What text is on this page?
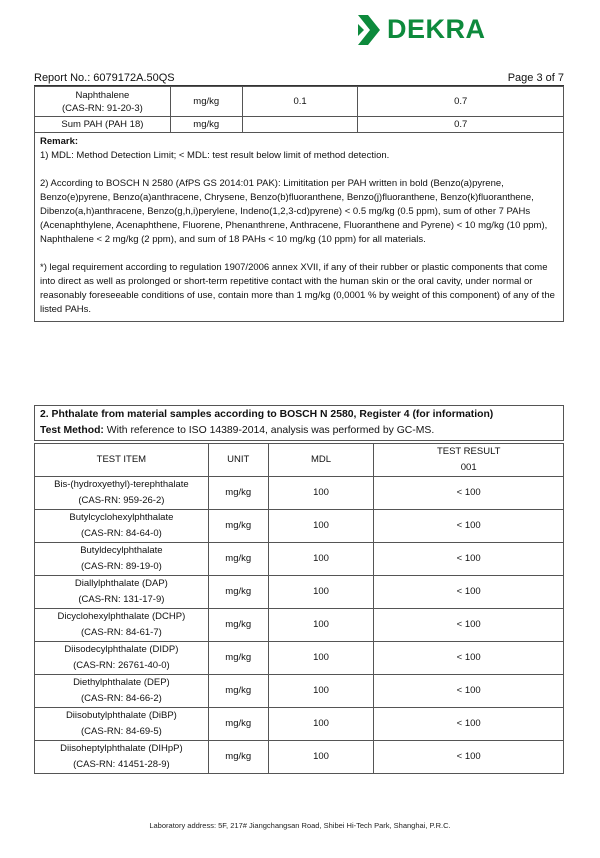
DEKRA
Report No.: 6079172A.50QS	Page 3 of 7
Naphthalene
(CAS-RN: 91-20-3)	mg/kg	0.1	0.7
Sum PAH (PAH 18)	mg/kg		0.7

Remark:

1) MDL: Method Detection Limit; < MDL: test result below limit of method detection.

2) According to BOSCH N 2580 (AfPS GS 2014:01 PAK): Limititation per PAH written in bold (Benzo(a)pyrene, Benzo(e)pyrene, Benzo(a)anthracene, Chrysene, Benzo(b)fluoranthene, Benzo(j)fluoranthene, Benzo(k)fluoranthene, Dibenzo(a,h)anthracene, Benzo(g,h,i)perylene, Indeno(1,2,3-cd)pyrene) < 0.5 mg/kg (0.5 ppm), sum of other 7 PAHs (Acenaphthylene, Acenaphthene, Fluorene, Phenanthrene, Anthracene, Fluoranthene and Pyrene) < 10 mg/kg (10 ppm), Naphthalene < 2 mg/kg (2 ppm), and sum of 18 PAHs < 10 mg/kg (10 ppm) for all materials.

*) legal requirement according to regulation 1907/2006 annex XVII, if any of their rubber or plastic components that come into direct as well as prolonged or short-term repetitive contact with the human skin or the oral cavity, under normal or reasonably foreseeable conditions of use, contain more than 1 mg/kg (0,0001 % by weight of this component) of any of the listed PAHs.			

2. Phthalate from material samples according to BOSCH N 2580, Register 4 (for information)
Test Method: With reference to ISO 14389-2014, analysis was performed by GC-MS.
TEST ITEM	UNIT	MDL	TEST RESULT
001

Bis-(hydroxyethyl)-terephthalate
(CAS-RN: 959-26-2)	mg/kg	100	< 100

Butylcyclohexylphthalate
(CAS-RN: 84-64-0)	mg/kg	100	< 100

Butyldecylphthalate
(CAS-RN: 89-19-0)	mg/kg	100	< 100

Diallylphthalate (DAP)
(CAS-RN: 131-17-9)	mg/kg	100	< 100

Dicyclohexylphthalate (DCHP)
(CAS-RN: 84-61-7)	mg/kg	100	< 100

Diisodecylphthalate (DIDP)
(CAS-RN: 26761-40-0)	mg/kg	100	< 100

Diethylphthalate (DEP)
(CAS-RN: 84-66-2)	mg/kg	100	< 100

Diisobutylphthalate (DiBP)
(CAS-RN: 84-69-5)	mg/kg	100	< 100

Diisoheptylphthalate (DIHpP)
(CAS-RN: 41451-28-9)	mg/kg	100	< 100
Laboratory address: 5F, 217# Jiangchangsan Road, Shibei Hi-Tech Park, Shanghai, P.R.C.
